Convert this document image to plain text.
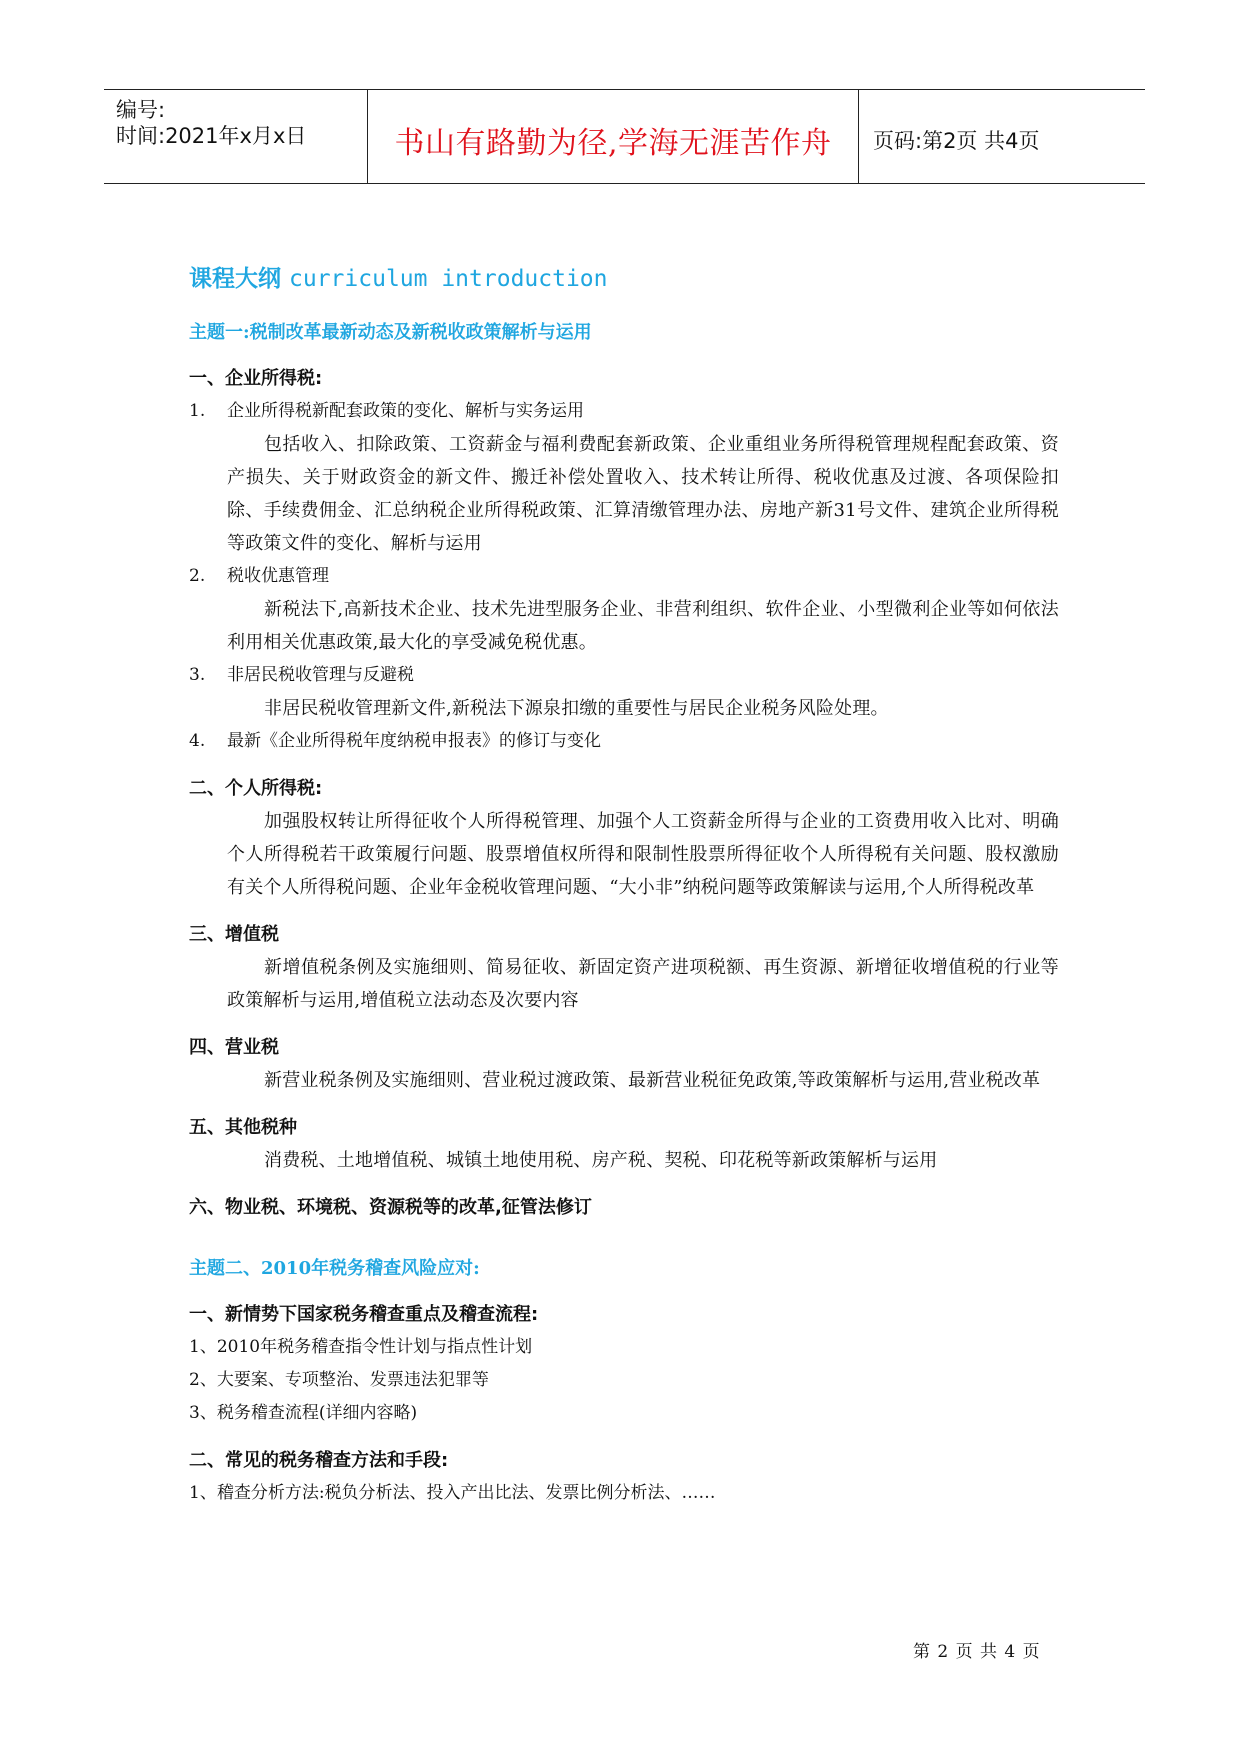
编号:
时间:2021年x月x日	书山有路勤为径,学海无涯苦作舟 页码:第2页 共4页
课程大纲 curriculum introduction
主题一:税制改革最新动态及新税收政策解析与运用
一、企业所得税:
1.	企业所得税新配套政策的变化、解析与实务运用
包括收入、扣除政策、工资薪金与福利费配套新政策、企业重组业务所得税管理规程配套政策、资产损失、关于财政资金的新文件、搬迁补偿处置收入、技术转让所得、税收优惠及过渡、各项保险扣除、手续费佣金、汇总纳税企业所得税政策、汇算清缴管理办法、房地产新31号文件、建筑企业所得税等政策文件的变化、解析与运用
2.	税收优惠管理
新税法下,高新技术企业、技术先进型服务企业、非营利组织、软件企业、小型微利企业等如何依法利用相关优惠政策,最大化的享受减免税优惠。
3.	非居民税收管理与反避税
非居民税收管理新文件,新税法下源泉扣缴的重要性与居民企业税务风险处理。
4.	最新《企业所得税年度纳税申报表》的修订与变化
二、个人所得税:
加强股权转让所得征收个人所得税管理、加强个人工资薪金所得与企业的工资费用收入比对、明确个人所得税若干政策履行问题、股票增值权所得和限制性股票所得征收个人所得税有关问题、股权激励有关个人所得税问题、企业年金税收管理问题、“大小非”纳税问题等政策解读与运用,个人所得税改革
三、增值税
新增值税条例及实施细则、简易征收、新固定资产进项税额、再生资源、新增征收增值税的行业等政策解析与运用,增值税立法动态及次要内容
四、营业税
新营业税条例及实施细则、营业税过渡政策、最新营业税征免政策,等政策解析与运用,营业税改革
五、其他税种
消费税、土地增值税、城镇土地使用税、房产税、契税、印花税等新政策解析与运用
六、物业税、环境税、资源税等的改革,征管法修订
主题二、2010年税务稽查风险应对:
一、新情势下国家税务稽查重点及稽查流程:
1、2010年税务稽查指令性计划与指点性计划
2、大要案、专项整治、发票违法犯罪等
3、税务稽查流程(详细内容略)
二、常见的税务稽查方法和手段:
1、稽查分析方法:税负分析法、投入产出比法、发票比例分析法、……
第 2 页 共 4 页
